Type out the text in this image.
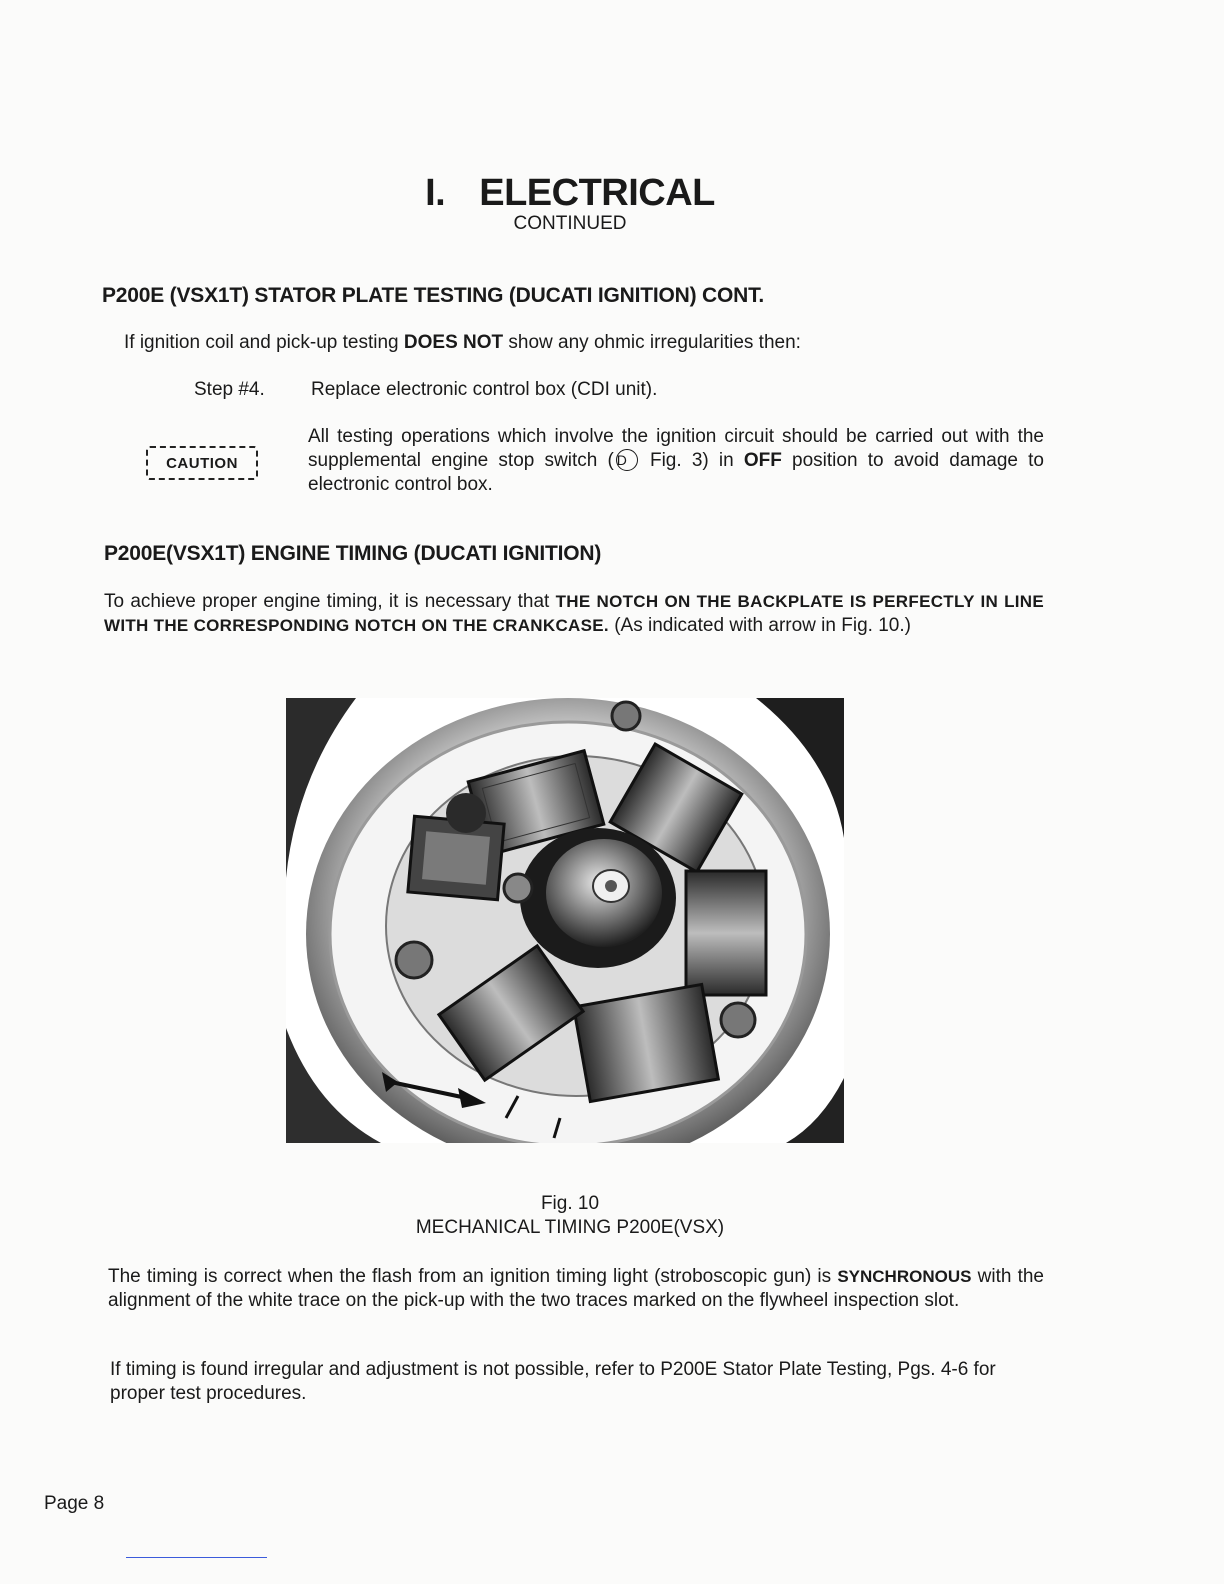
I. ELECTRICAL
CONTINUED
P200E (VSX1T) STATOR PLATE TESTING (DUCATI IGNITION) CONT.
If ignition coil and pick-up testing DOES NOT show any ohmic irregularities then:
Step #4. Replace electronic control box (CDI unit).
CAUTION
All testing operations which involve the ignition circuit should be carried out with the supplemental engine stop switch ( D Fig. 3) in OFF position to avoid damage to electronic control box.
P200E(VSX1T) ENGINE TIMING (DUCATI IGNITION)
To achieve proper engine timing, it is necessary that THE NOTCH ON THE BACKPLATE IS PERFECTLY IN LINE WITH THE CORRESPONDING NOTCH ON THE CRANKCASE. (As indicated with arrow in Fig. 10.)
Fig. 10
MECHANICAL TIMING P200E(VSX)
The timing is correct when the flash from an ignition timing light (stroboscopic gun) is SYNCHRONOUS with the alignment of the white trace on the pick-up with the two traces marked on the flywheel inspection slot.
If timing is found irregular and adjustment is not possible, refer to P200E Stator Plate Testing, Pgs. 4-6 for proper test procedures.
Page 8
